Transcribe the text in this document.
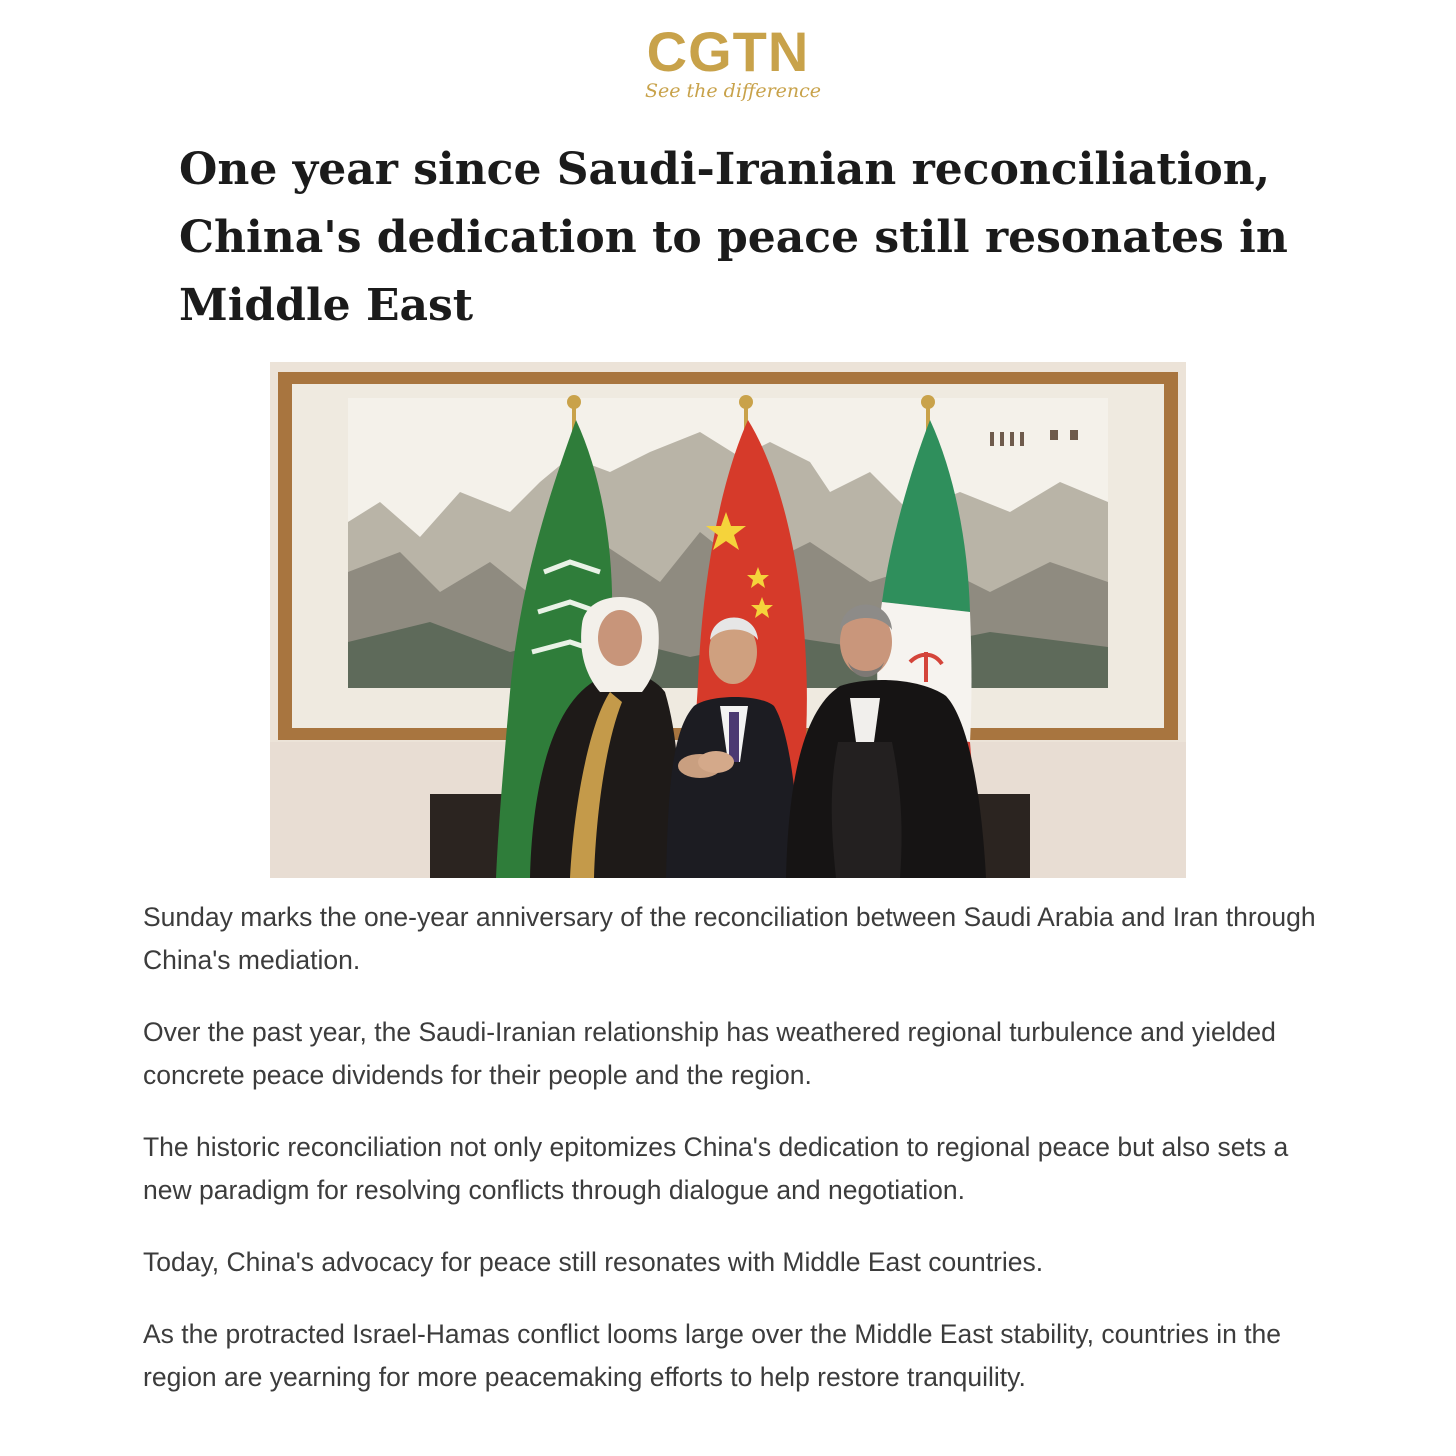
CGTN
See the difference
One year since Saudi-Iranian reconciliation, China's dedication to peace still resonates in Middle East

Sunday marks the one-year anniversary of the reconciliation between Saudi Arabia and Iran through China's mediation.

Over the past year, the Saudi-Iranian relationship has weathered regional turbulence and yielded concrete peace dividends for their people and the region.

The historic reconciliation not only epitomizes China's dedication to regional peace but also sets a new paradigm for resolving conflicts through dialogue and negotiation.

Today, China's advocacy for peace still resonates with Middle East countries.

As the protracted Israel-Hamas conflict looms large over the Middle East stability, countries in the region are yearning for more peacemaking efforts to help restore tranquility.
